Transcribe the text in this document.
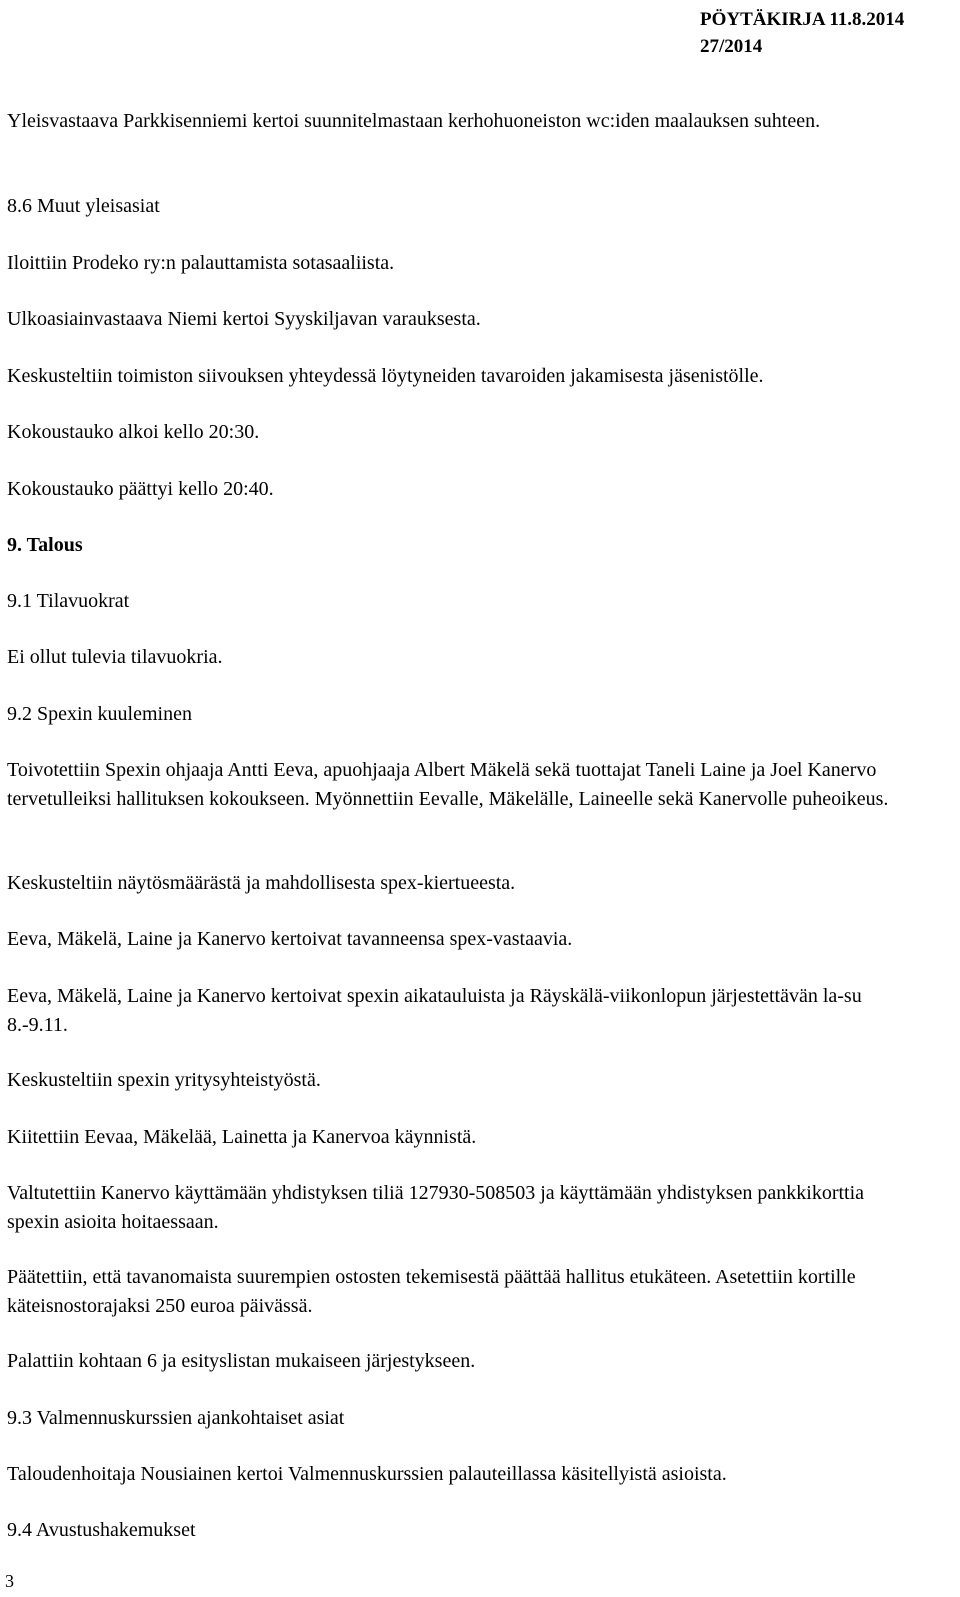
PÖYTÄKIRJA 11.8.2014
27/2014
Yleisvastaava Parkkisenniemi kertoi suunnitelmastaan kerhohuoneiston wc:iden maalauksen suhteen.
8.6 Muut yleisasiat
Iloittiin Prodeko ry:n palauttamista sotasaaliista.
Ulkoasiainvastaava Niemi kertoi Syyskiljavan varauksesta.
Keskusteltiin toimiston siivouksen yhteydessä löytyneiden tavaroiden jakamisesta jäsenistölle.
Kokoustauko alkoi kello 20:30.
Kokoustauko päättyi kello 20:40.
9. Talous
9.1 Tilavuokrat
Ei ollut tulevia tilavuokria.
9.2 Spexin kuuleminen
Toivotettiin Spexin ohjaaja Antti Eeva, apuohjaaja Albert Mäkelä sekä tuottajat Taneli Laine ja Joel Kanervo tervetulleiksi hallituksen kokoukseen. Myönnettiin Eevalle, Mäkelälle, Laineelle sekä Kanervolle puheoikeus.
Keskusteltiin näytösmäärästä ja mahdollisesta spex-kiertueesta.
Eeva, Mäkelä, Laine ja Kanervo kertoivat tavanneensa spex-vastaavia.
Eeva, Mäkelä, Laine ja Kanervo kertoivat spexin aikatauluista ja Räyskälä-viikonlopun järjestettävän la-su 8.-9.11.
Keskusteltiin spexin yritysyhteistyöstä.
Kiitettiin Eevaa, Mäkelää, Lainetta ja Kanervoa käynnistä.
Valtutettiin Kanervo käyttämään yhdistyksen tiliä 127930-508503 ja käyttämään yhdistyksen pankkikorttia spexin asioita hoitaessaan.
Päätettiin, että tavanomaista suurempien ostosten tekemisestä päättää hallitus etukäteen. Asetettiin kortille käteisnostorajaksi 250 euroa päivässä.
Palattiin kohtaan 6 ja esityslistan mukaiseen järjestykseen.
9.3 Valmennuskurssien ajankohtaiset asiat
Taloudenhoitaja Nousiainen kertoi Valmennuskurssien palauteillassa käsitellyistä asioista.
9.4 Avustushakemukset
3
